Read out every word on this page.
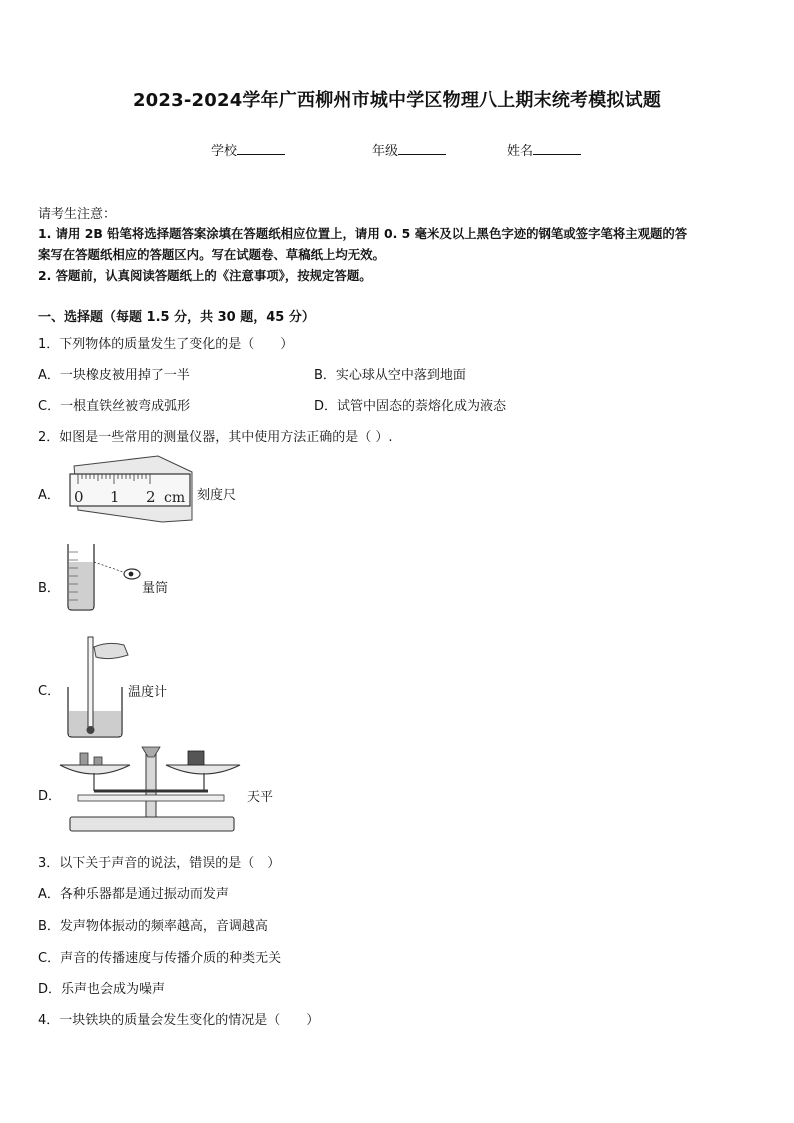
2023-2024学年广西柳州市城中学区物理八上期末统考模拟试题
学校	年级	姓名
请考生注意：
1. 请用 2B 铅笔将选择题答案涂填在答题纸相应位置上，请用 0. 5 毫米及以上黑色字迹的钢笔或签字笔将主观题的答
案写在答题纸相应的答题区内。写在试题卷、草稿纸上均无效。
2. 答题前，认真阅读答题纸上的《注意事项》，按规定答题。
一、选择题（每题 1.5 分，共 30 题，45 分）
1．下列物体的质量发生了变化的是（　　）
A．一块橡皮被用掉了一半	B．实心球从空中落到地面
C．一根直铁丝被弯成弧形	D．试管中固态的萘熔化成为液态
2．如图是一些常用的测量仪器，其中使用方法正确的是（ ）.
A． 0 1 2 cm 刻度尺
B．	量筒
C．	温度计
D．	天平
3．以下关于声音的说法，错误的是（　）
A．各种乐器都是通过振动而发声
B．发声物体振动的频率越高，音调越高
C．声音的传播速度与传播介质的种类无关
D．乐声也会成为噪声
4．一块铁块的质量会发生变化的情况是（　　）
